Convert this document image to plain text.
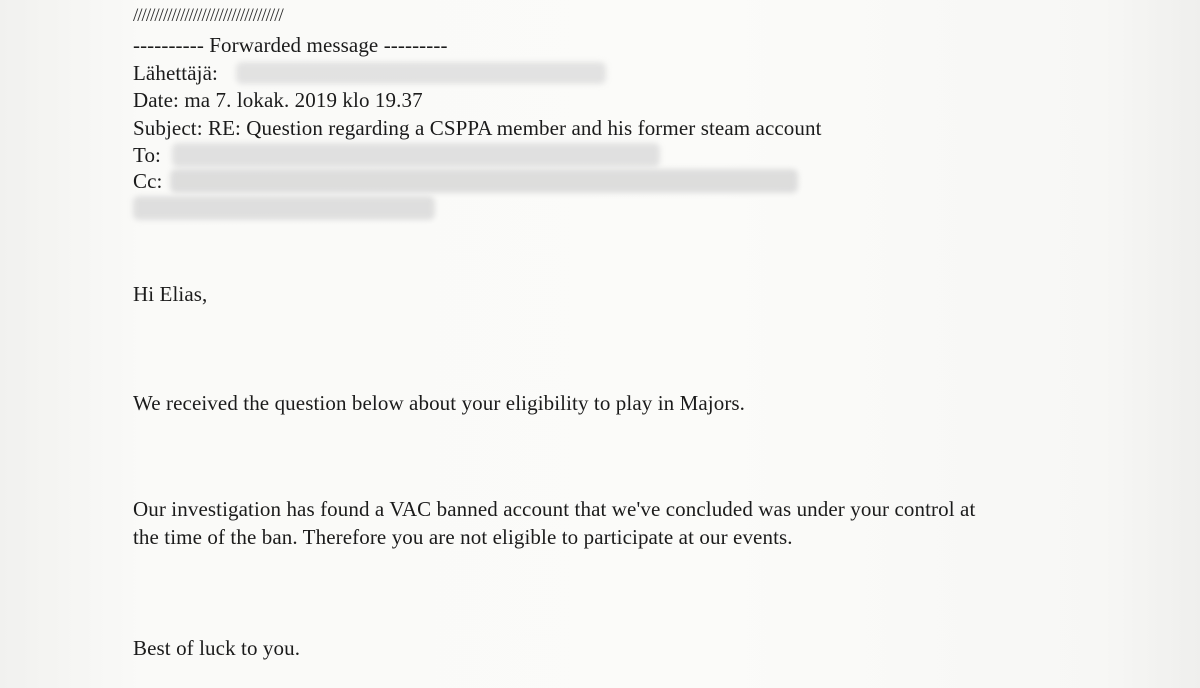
///////////////////////////////////
---------- Forwarded message ---------
Lähettäjä:
Date: ma 7. lokak. 2019 klo 19.37
Subject: RE: Question regarding a CSPPA member and his former steam account
To:
Cc:
Hi Elias,
We received the question below about your eligibility to play in Majors.
Our investigation has found a VAC banned account that we've concluded was under your control at
the time of the ban. Therefore you are not eligible to participate at our events.
Best of luck to you.
